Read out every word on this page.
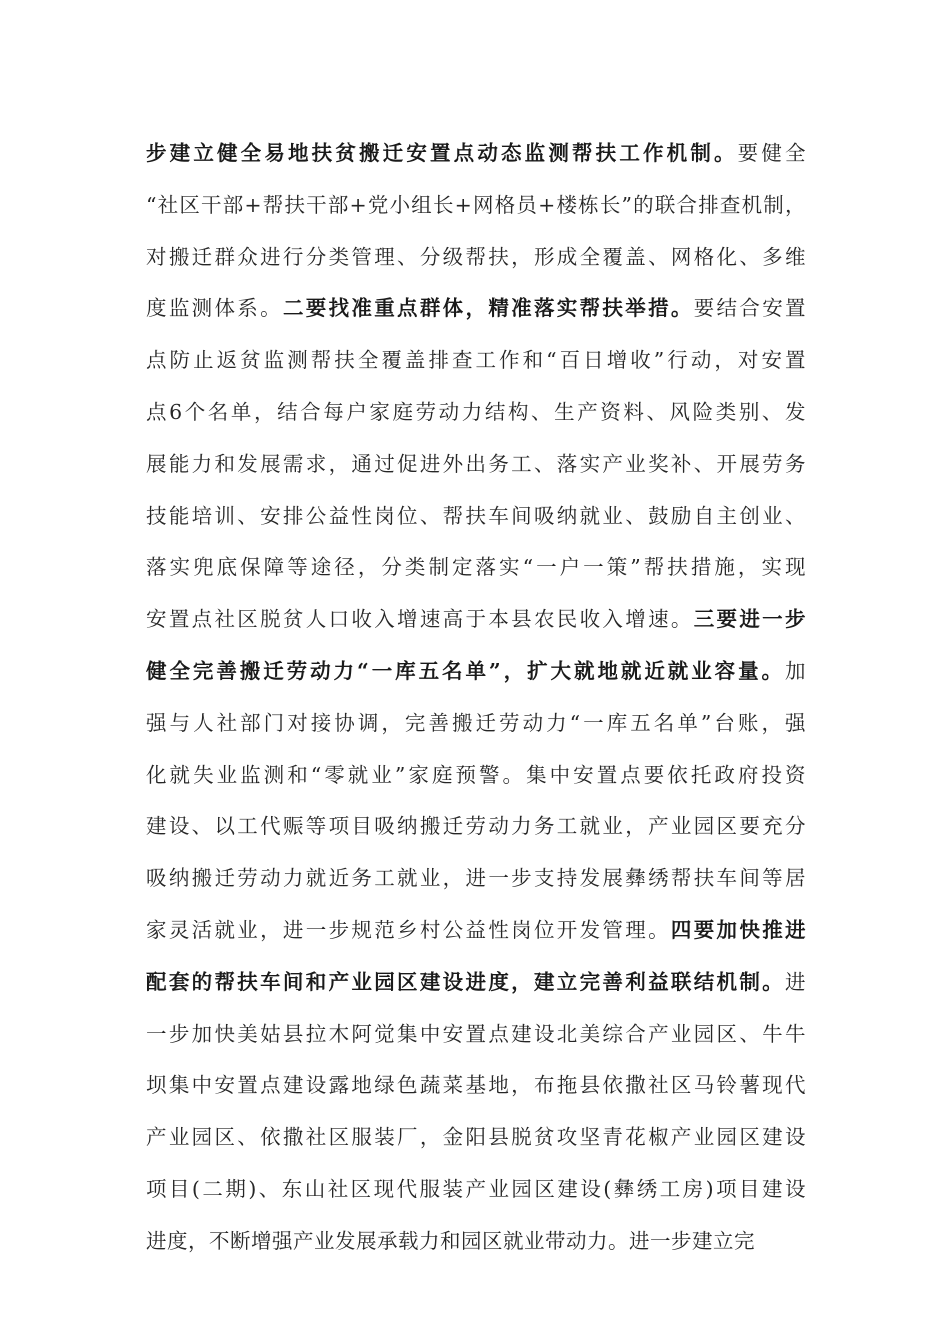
步建立健全易地扶贫搬迁安置点动态监测帮扶工作机制。要健全
“社区干部+帮扶干部+党小组长+网格员+楼栋长”的联合排查机制，
对搬迁群众进行分类管理、分级帮扶，形成全覆盖、网格化、多维
度监测体系。二要找准重点群体，精准落实帮扶举措。要结合安置
点防止返贫监测帮扶全覆盖排查工作和“百日增收”行动，对安置
点6个名单，结合每户家庭劳动力结构、生产资料、风险类别、发
展能力和发展需求，通过促进外出务工、落实产业奖补、开展劳务
技能培训、安排公益性岗位、帮扶车间吸纳就业、鼓励自主创业、
落实兜底保障等途径，分类制定落实“一户一策”帮扶措施，实现
安置点社区脱贫人口收入增速高于本县农民收入增速。三要进一步
健全完善搬迁劳动力“一库五名单”，扩大就地就近就业容量。加
强与人社部门对接协调，完善搬迁劳动力“一库五名单”台账，强
化就失业监测和“零就业”家庭预警。集中安置点要依托政府投资
建设、以工代赈等项目吸纳搬迁劳动力务工就业，产业园区要充分
吸纳搬迁劳动力就近务工就业，进一步支持发展彝绣帮扶车间等居
家灵活就业，进一步规范乡村公益性岗位开发管理。四要加快推进
配套的帮扶车间和产业园区建设进度，建立完善利益联结机制。进
一步加快美姑县拉木阿觉集中安置点建设北美综合产业园区、牛牛
坝集中安置点建设露地绿色蔬菜基地，布拖县依撒社区马铃薯现代
产业园区、依撒社区服装厂，金阳县脱贫攻坚青花椒产业园区建设
项目(二期)、东山社区现代服装产业园区建设(彝绣工房)项目建设
进度，不断增强产业发展承载力和园区就业带动力。进一步建立完
